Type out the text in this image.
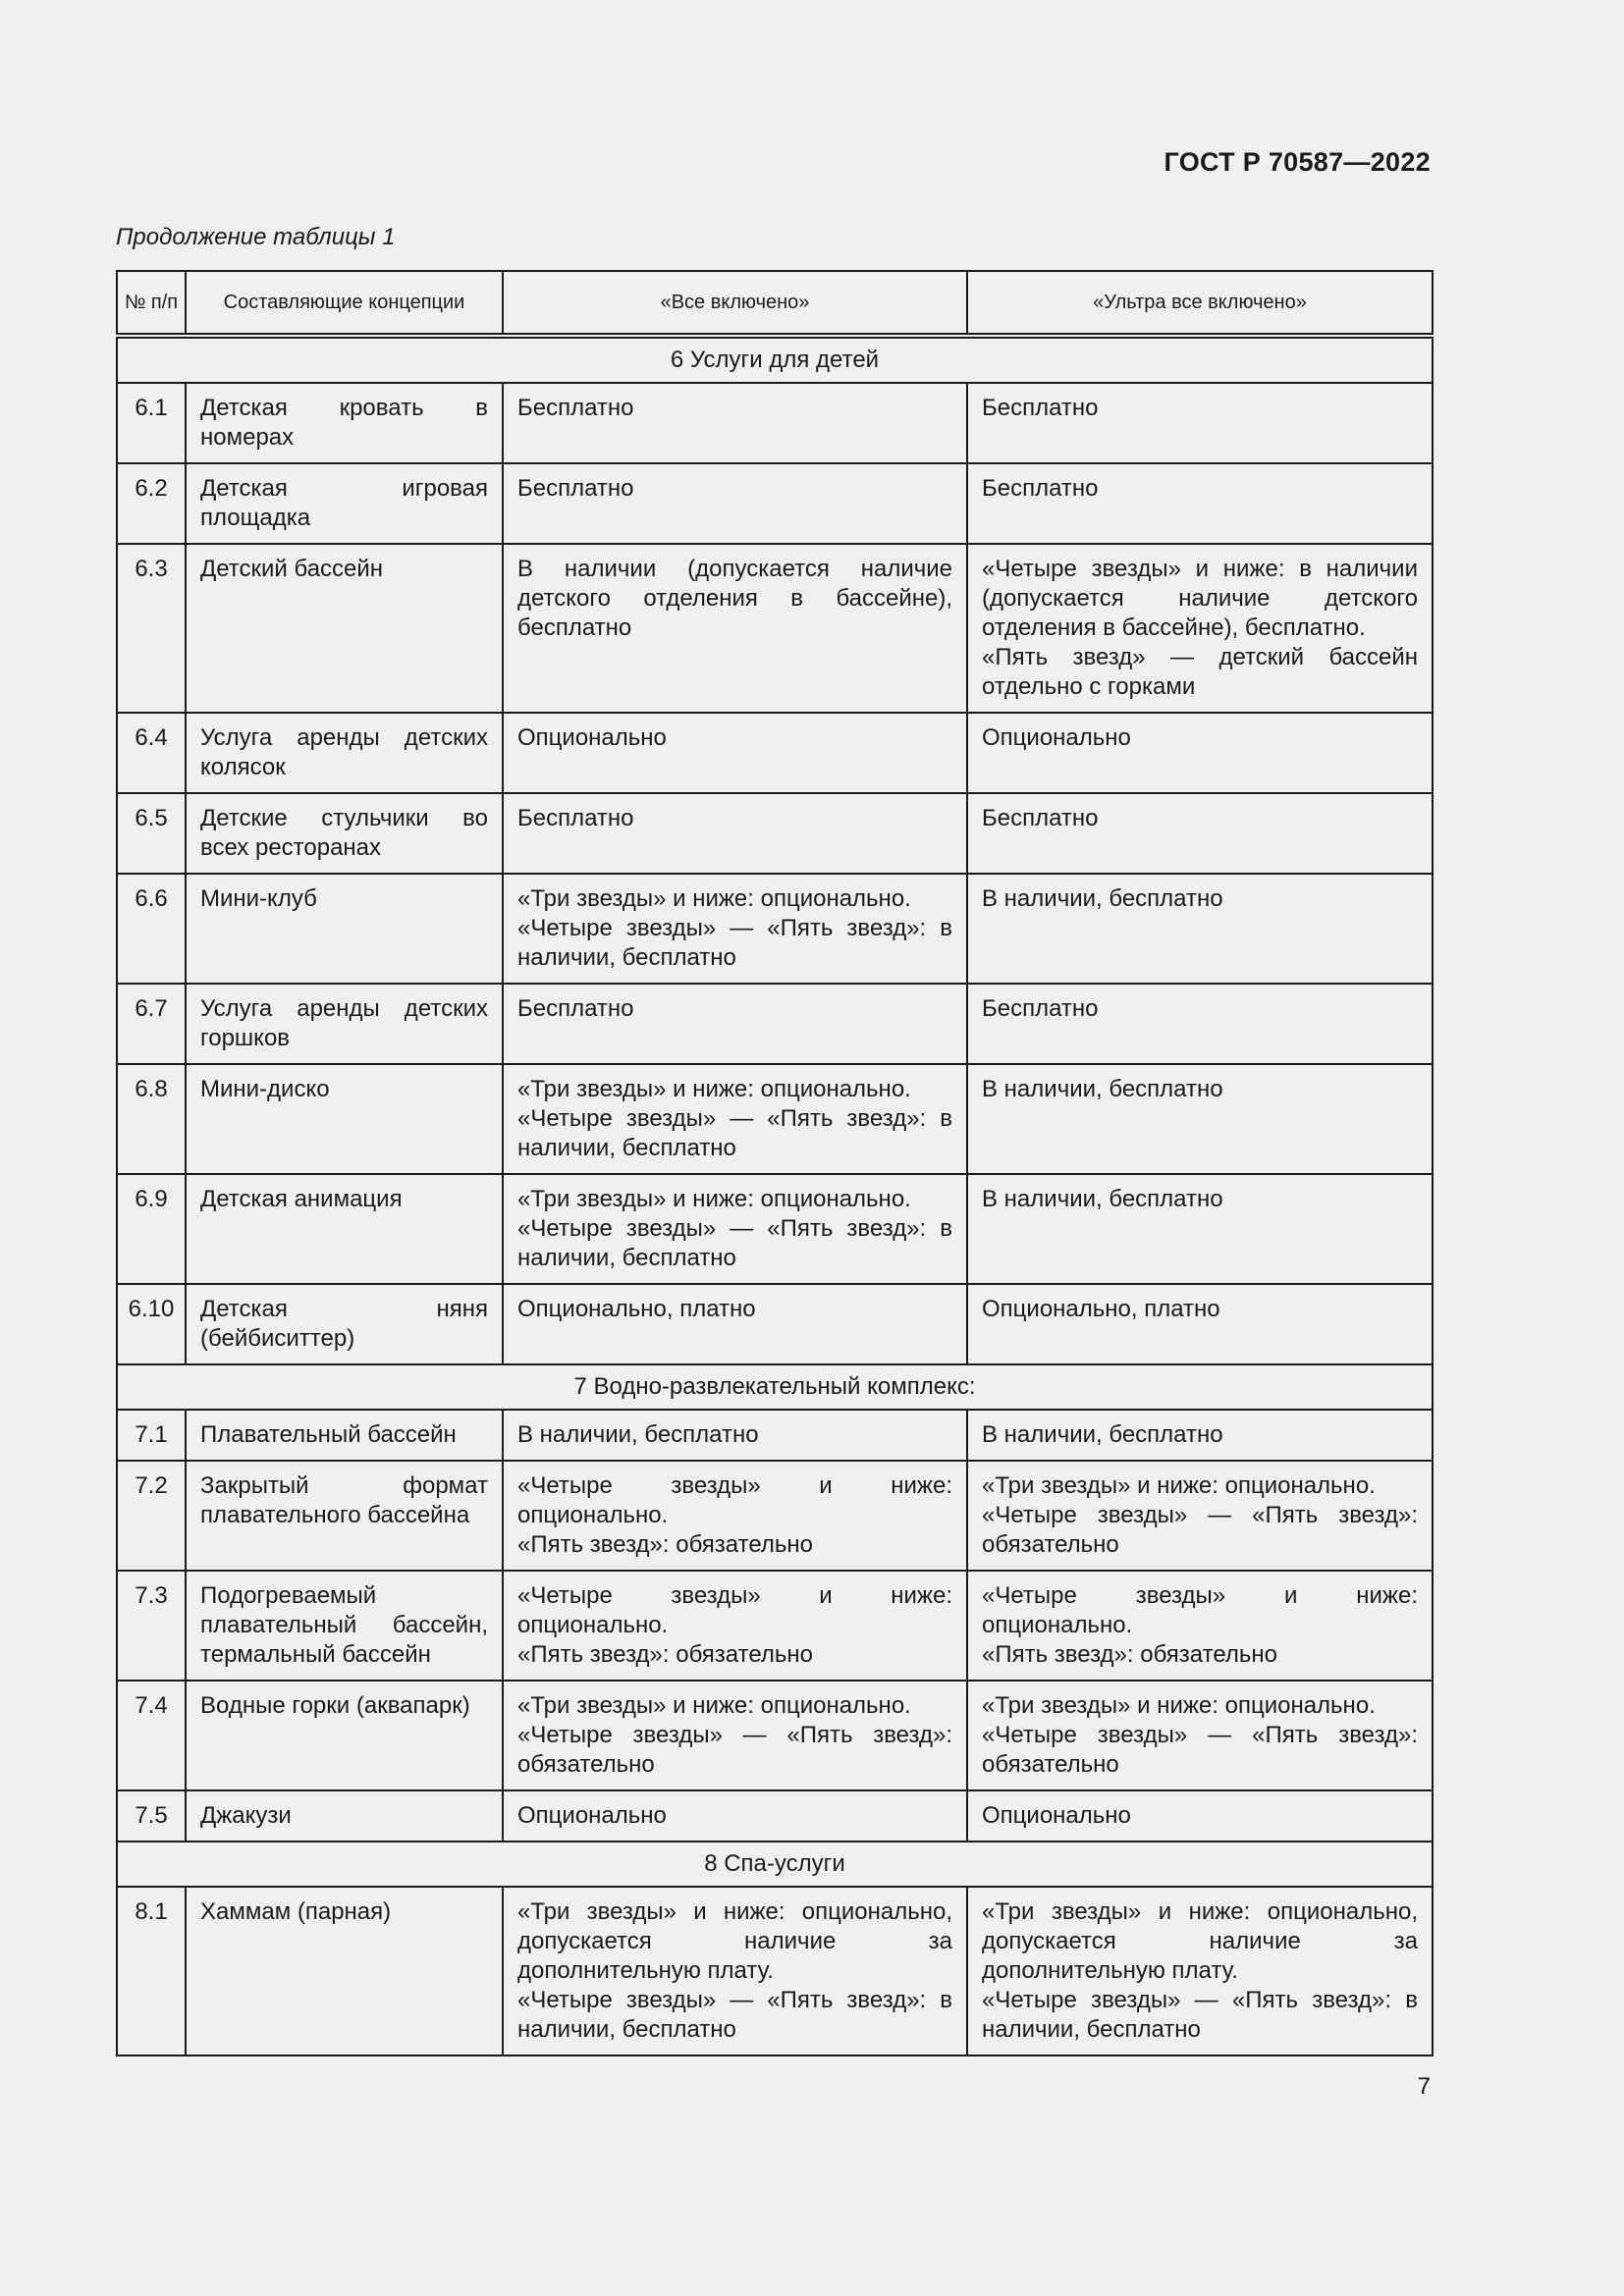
ГОСТ Р 70587—2022
Продолжение таблицы 1
№ п/п	Составляющие концепции	«Все включено»	«Ультра все включено»
6 Услуги для детей			
6.1	Детская кровать в номерах	Бесплатно	Бесплатно

6.2	Детская игровая площадка	Бесплатно	Бесплатно

6.3	Детский бассейн	В наличии (допускается наличие детского отделения в бассейне), бесплатно	«Четыре звезды» и ниже: в наличии (допускается наличие детского отделения в бассейне), бесплатно.
«Пять звезд» — детский бассейн отдельно с горками

6.4	Услуга аренды детских колясок	Опционально	Опционально

6.5	Детские стульчики во всех ресторанах	Бесплатно	Бесплатно

6.6	Мини-клуб	«Три звезды» и ниже: опционально.
«Четыре звезды» — «Пять звезд»: в наличии, бесплатно	В наличии, бесплатно

6.7	Услуга аренды детских горшков	Бесплатно	Бесплатно

6.8	Мини-диско	«Три звезды» и ниже: опционально.
«Четыре звезды» — «Пять звезд»: в наличии, бесплатно	В наличии, бесплатно

6.9	Детская анимация	«Три звезды» и ниже: опционально.
«Четыре звезды» — «Пять звезд»: в наличии, бесплатно	В наличии, бесплатно

6.10	Детская няня (бейбиситтер)	Опционально, платно	Опционально, платно

7 Водно-развлекательный комплекс:			
7.1	Плавательный бассейн	В наличии, бесплатно	В наличии, бесплатно

7.2	Закрытый формат плавательного бассейна	«Четыре звезды» и ниже: опционально.
«Пять звезд»: обязательно	«Три звезды» и ниже: опционально.
«Четыре звезды» — «Пять звезд»: обязательно

7.3	Подогреваемый плавательный бассейн, термальный бассейн	«Четыре звезды» и ниже: опционально.
«Пять звезд»: обязательно	«Четыре звезды» и ниже: опционально.
«Пять звезд»: обязательно

7.4	Водные горки (аквапарк)	«Три звезды» и ниже: опционально.
«Четыре звезды» — «Пять звезд»: обязательно	«Три звезды» и ниже: опционально.
«Четыре звезды» — «Пять звезд»: обязательно

7.5	Джакузи	Опционально	Опционально

8 Спа-услуги			
8.1	Хаммам (парная)	«Три звезды» и ниже: опционально, допускается наличие за дополнительную плату.
«Четыре звезды» — «Пять звезд»: в наличии, бесплатно	«Три звезды» и ниже: опционально, допускается наличие за дополнительную плату.
«Четыре звезды» — «Пять звезд»: в наличии, бесплатно
7
